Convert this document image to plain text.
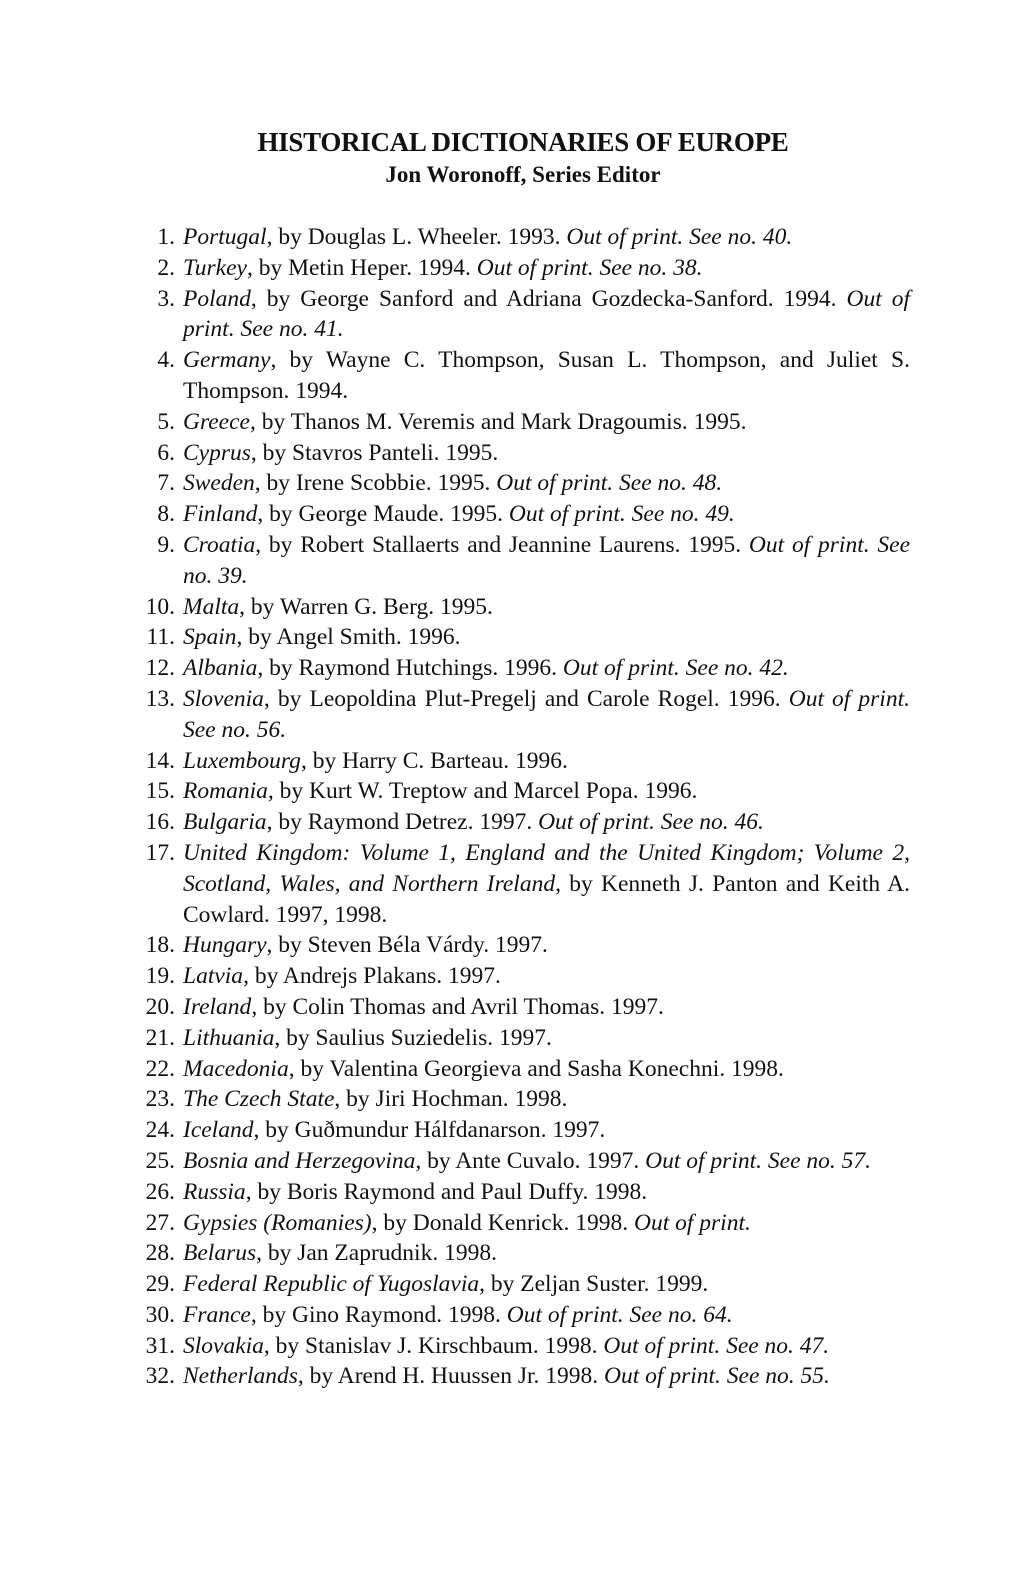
HISTORICAL DICTIONARIES OF EUROPE
Jon Woronoff, Series Editor
1. Portugal, by Douglas L. Wheeler. 1993. Out of print. See no. 40.
2. Turkey, by Metin Heper. 1994. Out of print. See no. 38.
3. Poland, by George Sanford and Adriana Gozdecka-Sanford. 1994. Out of print. See no. 41.
4. Germany, by Wayne C. Thompson, Susan L. Thompson, and Juliet S. Thompson. 1994.
5. Greece, by Thanos M. Veremis and Mark Dragoumis. 1995.
6. Cyprus, by Stavros Panteli. 1995.
7. Sweden, by Irene Scobbie. 1995. Out of print. See no. 48.
8. Finland, by George Maude. 1995. Out of print. See no. 49.
9. Croatia, by Robert Stallaerts and Jeannine Laurens. 1995. Out of print. See no. 39.
10. Malta, by Warren G. Berg. 1995.
11. Spain, by Angel Smith. 1996.
12. Albania, by Raymond Hutchings. 1996. Out of print. See no. 42.
13. Slovenia, by Leopoldina Plut-Pregelj and Carole Rogel. 1996. Out of print. See no. 56.
14. Luxembourg, by Harry C. Barteau. 1996.
15. Romania, by Kurt W. Treptow and Marcel Popa. 1996.
16. Bulgaria, by Raymond Detrez. 1997. Out of print. See no. 46.
17. United Kingdom: Volume 1, England and the United Kingdom; Volume 2, Scotland, Wales, and Northern Ireland, by Kenneth J. Panton and Keith A. Cowlard. 1997, 1998.
18. Hungary, by Steven Béla Várdy. 1997.
19. Latvia, by Andrejs Plakans. 1997.
20. Ireland, by Colin Thomas and Avril Thomas. 1997.
21. Lithuania, by Saulius Suziedelis. 1997.
22. Macedonia, by Valentina Georgieva and Sasha Konechni. 1998.
23. The Czech State, by Jiri Hochman. 1998.
24. Iceland, by Guðmundur Hálfdanarson. 1997.
25. Bosnia and Herzegovina, by Ante Cuvalo. 1997. Out of print. See no. 57.
26. Russia, by Boris Raymond and Paul Duffy. 1998.
27. Gypsies (Romanies), by Donald Kenrick. 1998. Out of print.
28. Belarus, by Jan Zaprudnik. 1998.
29. Federal Republic of Yugoslavia, by Zeljan Suster. 1999.
30. France, by Gino Raymond. 1998. Out of print. See no. 64.
31. Slovakia, by Stanislav J. Kirschbaum. 1998. Out of print. See no. 47.
32. Netherlands, by Arend H. Huussen Jr. 1998. Out of print. See no. 55.
